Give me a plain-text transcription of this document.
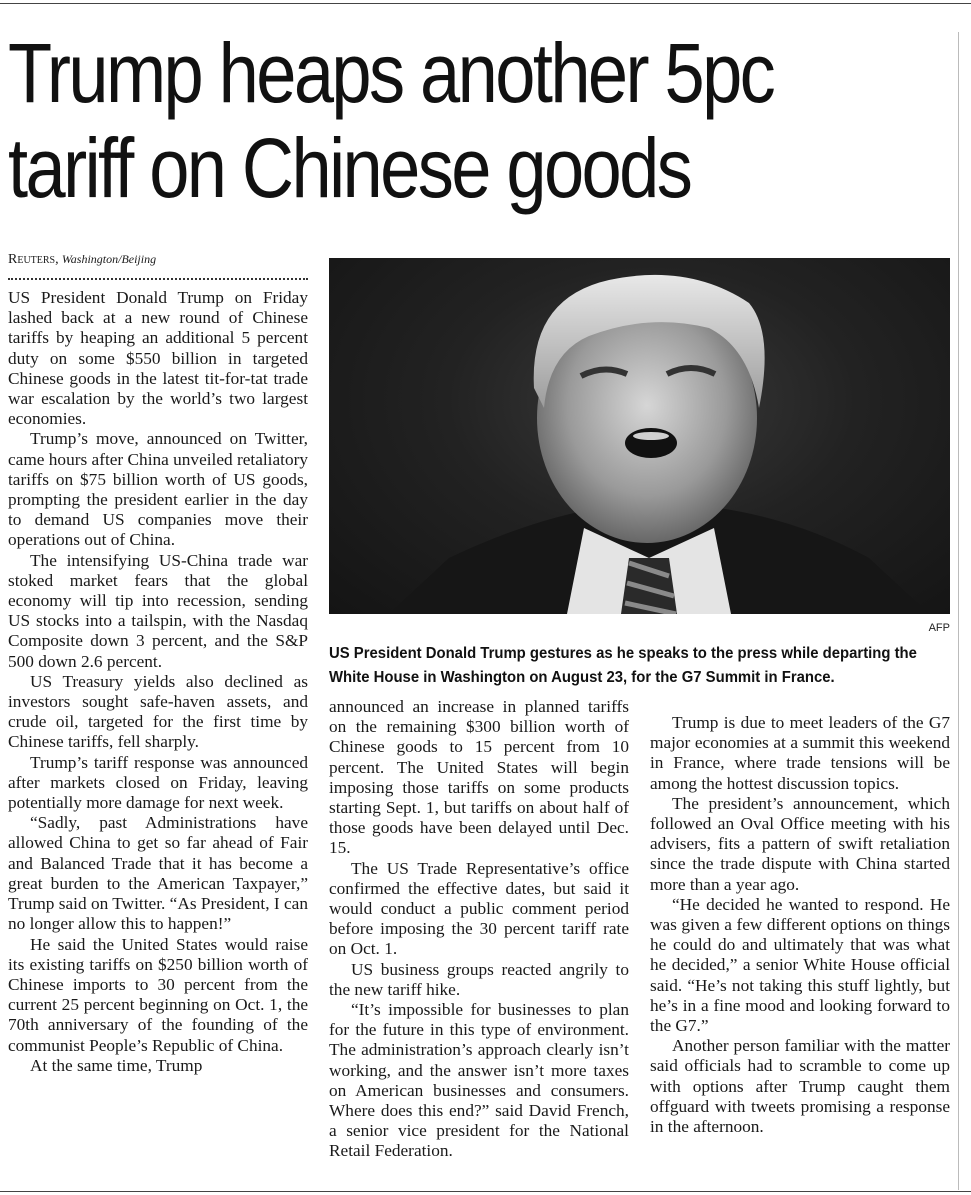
Trump heaps another 5pc tariff on Chinese goods
Reuters, Washington/Beijing

US President Donald Trump on Friday lashed back at a new round of Chinese tariffs by heaping an additional 5 percent duty on some $550 billion in targeted Chinese goods in the latest tit-for-tat trade war escalation by the world’s two largest economies.

Trump’s move, announced on Twitter, came hours after China unveiled retaliatory tariffs on $75 billion worth of US goods, prompting the president earlier in the day to demand US companies move their operations out of China.

The intensifying US-China trade war stoked market fears that the global economy will tip into recession, sending US stocks into a tailspin, with the Nasdaq Composite down 3 percent, and the S&P 500 down 2.6 percent.

US Treasury yields also declined as investors sought safe-haven assets, and crude oil, targeted for the first time by Chinese tariffs, fell sharply.

Trump’s tariff response was announced after markets closed on Friday, leaving potentially more damage for next week.

“Sadly, past Administrations have allowed China to get so far ahead of Fair and Balanced Trade that it has become a great burden to the American Taxpayer,” Trump said on Twitter. “As President, I can no longer allow this to happen!”

He said the United States would raise its existing tariffs on $250 billion worth of Chinese imports to 30 percent from the current 25 percent beginning on Oct. 1, the 70th anniversary of the founding of the communist People’s Republic of China.

At the same time, Trump

AFP

US President Donald Trump gestures as he speaks to the press while departing the White House in Washington on August 23, for the G7 Summit in France.

announced an increase in planned tariffs on the remaining $300 billion worth of Chinese goods to 15 percent from 10 percent. The United States will begin imposing those tariffs on some products starting Sept. 1, but tariffs on about half of those goods have been delayed until Dec. 15.

The US Trade Representative’s office confirmed the effective dates, but said it would conduct a public comment period before imposing the 30 percent tariff rate on Oct. 1.

US business groups reacted angrily to the new tariff hike.

“It’s impossible for businesses to plan for the future in this type of environment. The administration’s approach clearly isn’t working, and the answer isn’t more taxes on American businesses and consumers. Where does this end?” said David French, a senior vice president for the National Retail Federation.

Trump is due to meet leaders of the G7 major economies at a summit this weekend in France, where trade tensions will be among the hottest discussion topics.

The president’s announcement, which followed an Oval Office meeting with his advisers, fits a pattern of swift retaliation since the trade dispute with China started more than a year ago.

“He decided he wanted to respond. He was given a few different options on things he could do and ultimately that was what he decided,” a senior White House official said. “He’s not taking this stuff lightly, but he’s in a fine mood and looking forward to the G7.”

Another person familiar with the matter said officials had to scramble to come up with options after Trump caught them offguard with tweets promising a response in the afternoon.
